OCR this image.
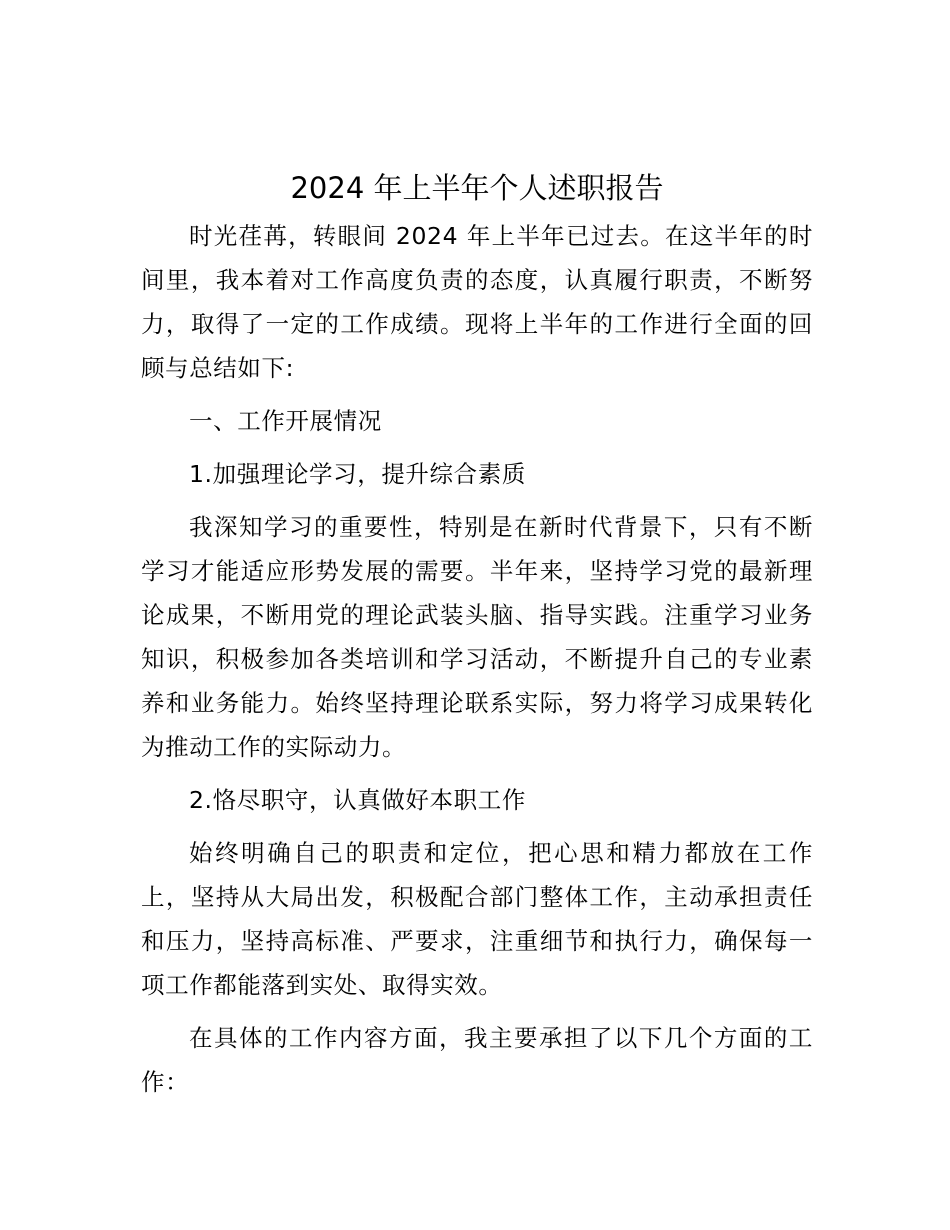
2024 年上半年个人述职报告

时光荏苒，转眼间 2024 年上半年已过去。在这半年的时间里，我本着对工作高度负责的态度，认真履行职责，不断努力，取得了一定的工作成绩。现将上半年的工作进行全面的回顾与总结如下:

一、工作开展情况

1.加强理论学习，提升综合素质

我深知学习的重要性，特别是在新时代背景下，只有不断学习才能适应形势发展的需要。半年来，坚持学习党的最新理论成果，不断用党的理论武装头脑、指导实践。注重学习业务知识，积极参加各类培训和学习活动，不断提升自己的专业素养和业务能力。始终坚持理论联系实际，努力将学习成果转化为推动工作的实际动力。

2.恪尽职守，认真做好本职工作

始终明确自己的职责和定位，把心思和精力都放在工作上，坚持从大局出发，积极配合部门整体工作，主动承担责任和压力，坚持高标准、严要求，注重细节和执行力，确保每一项工作都能落到实处、取得实效。

在具体的工作内容方面，我主要承担了以下几个方面的工作：
